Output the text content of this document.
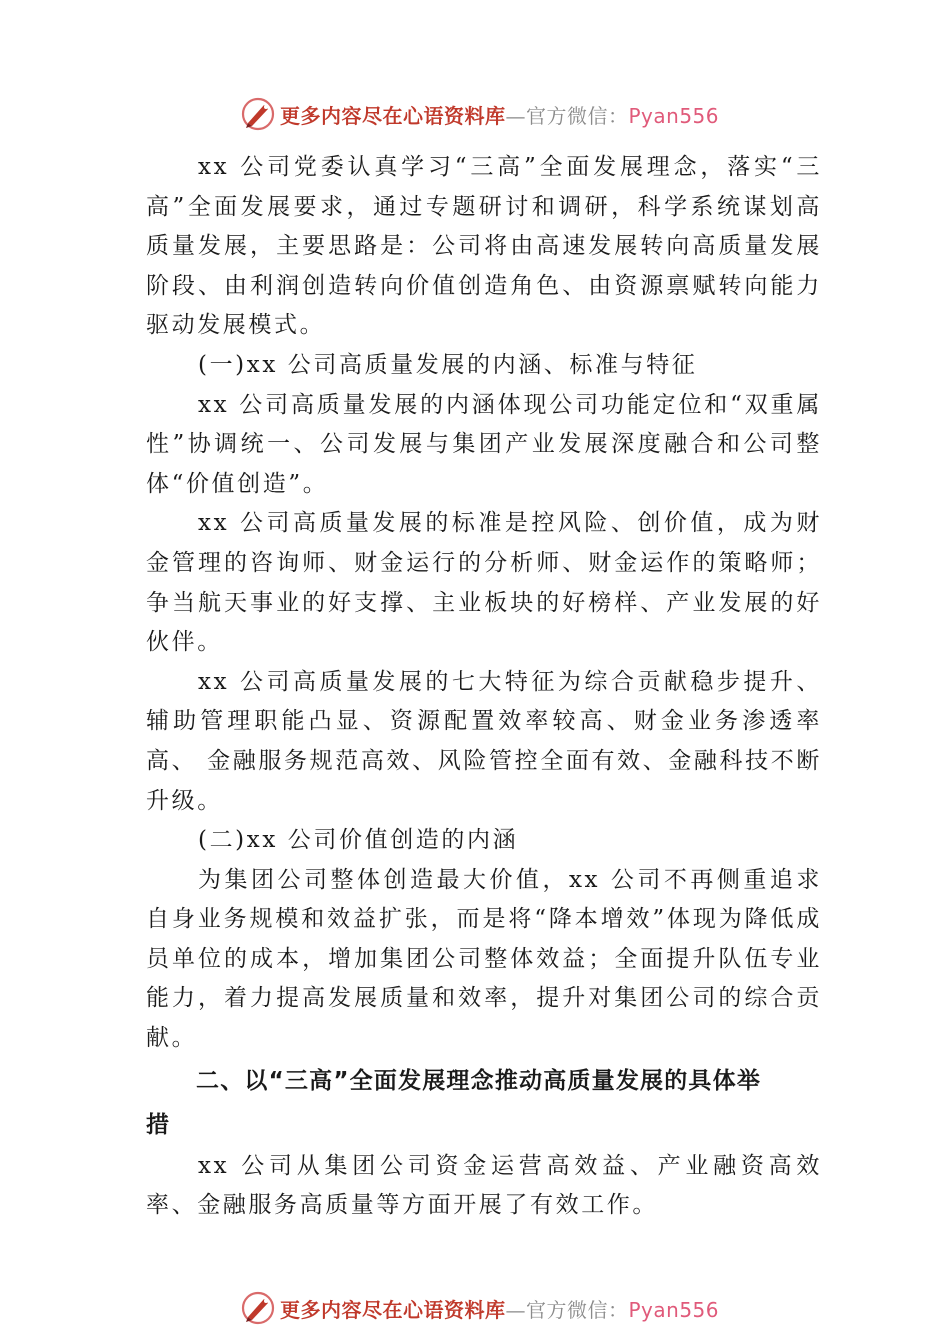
更多内容尽在心语资料库—官方微信：Pyan556

xx 公司党委认真学习“三高”全面发展理念，落实“三高”全面发展要求，通过专题研讨和调研，科学系统谋划高质量发展，主要思路是：公司将由高速发展转向高质量发展阶段、由利润创造转向价值创造角色、由资源禀赋转向能力驱动发展模式。

(一)xx 公司高质量发展的内涵、标准与特征

xx 公司高质量发展的内涵体现公司功能定位和“双重属性”协调统一、公司发展与集团产业发展深度融合和公司整体“价值创造”。

xx 公司高质量发展的标准是控风险、创价值，成为财金管理的咨询师、财金运行的分析师、财金运作的策略师；争当航天事业的好支撑、主业板块的好榜样、产业发展的好伙伴。

xx 公司高质量发展的七大特征为综合贡献稳步提升、辅助管理职能凸显、资源配置效率较高、财金业务渗透率高、 金融服务规范高效、风险管控全面有效、金融科技不断升级。

(二)xx 公司价值创造的内涵

为集团公司整体创造最大价值，xx 公司不再侧重追求自身业务规模和效益扩张，而是将“降本增效”体现为降低成员单位的成本，增加集团公司整体效益；全面提升队伍专业能力，着力提高发展质量和效率，提升对集团公司的综合贡献。

二、以“三高”全面发展理念推动高质量发展的具体举措

xx 公司从集团公司资金运营高效益、产业融资高效率、金融服务高质量等方面开展了有效工作。

更多内容尽在心语资料库—官方微信：Pyan556
